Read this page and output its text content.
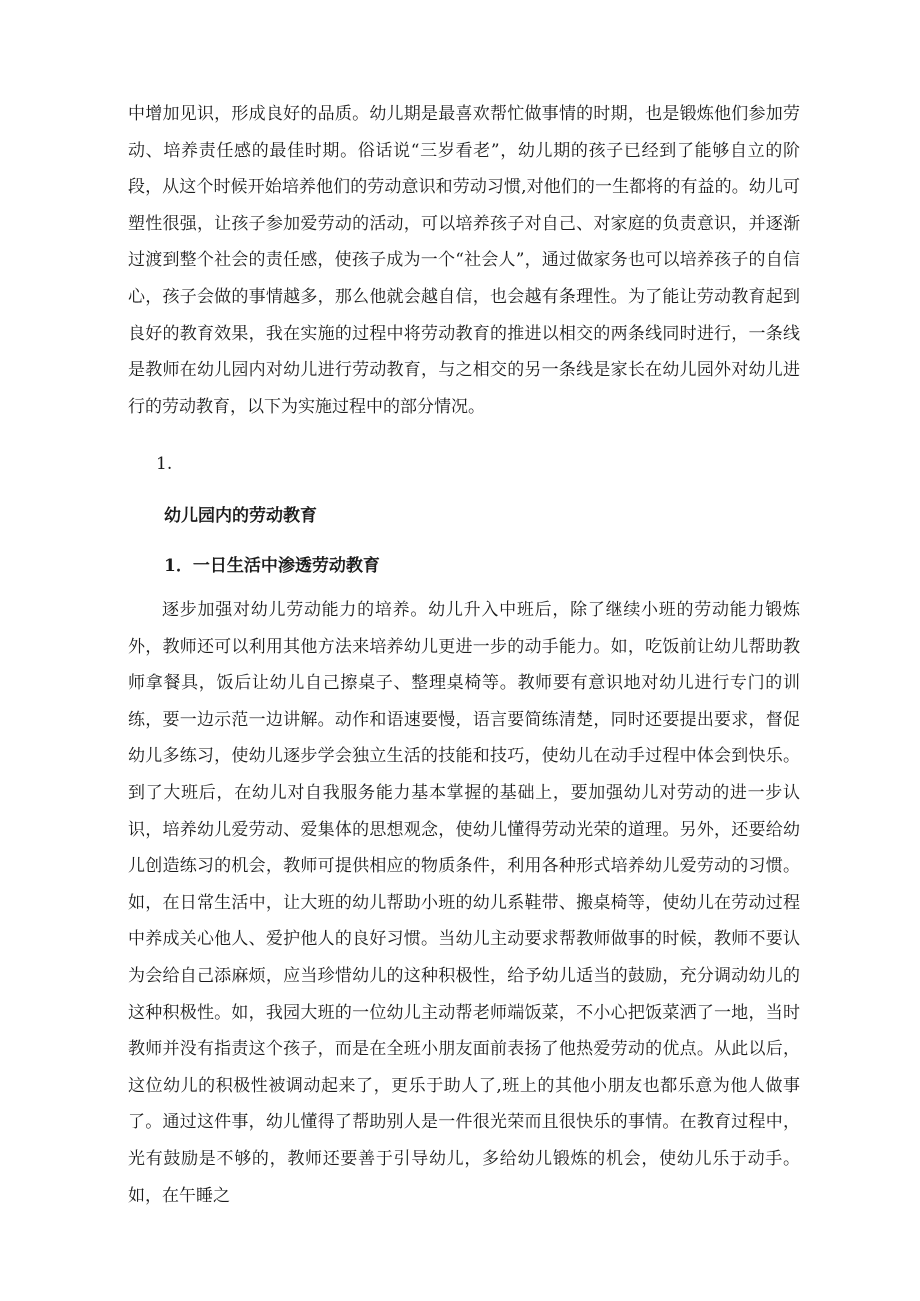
中增加见识，形成良好的品质。幼儿期是最喜欢帮忙做事情的时期，也是锻炼他们参加劳动、培养责任感的最佳时期。俗话说“三岁看老”，幼儿期的孩子已经到了能够自立的阶段，从这个时候开始培养他们的劳动意识和劳动习惯,对他们的一生都将的有益的。幼儿可塑性很强，让孩子参加爱劳动的活动，可以培养孩子对自己、对家庭的负责意识，并逐渐过渡到整个社会的责任感，使孩子成为一个“社会人”，通过做家务也可以培养孩子的自信心，孩子会做的事情越多，那么他就会越自信，也会越有条理性。为了能让劳动教育起到良好的教育效果，我在实施的过程中将劳动教育的推进以相交的两条线同时进行，一条线是教师在幼儿园内对幼儿进行劳动教育，与之相交的另一条线是家长在幼儿园外对幼儿进行的劳动教育，以下为实施过程中的部分情况。

1.

幼儿园内的劳动教育
1．一日生活中渗透劳动教育

逐步加强对幼儿劳动能力的培养。幼儿升入中班后，除了继续小班的劳动能力锻炼外，教师还可以利用其他方法来培养幼儿更进一步的动手能力。如，吃饭前让幼儿帮助教师拿餐具，饭后让幼儿自己擦桌子、整理桌椅等。教师要有意识地对幼儿进行专门的训练，要一边示范一边讲解。动作和语速要慢，语言要简练清楚，同时还要提出要求，督促幼儿多练习，使幼儿逐步学会独立生活的技能和技巧，使幼儿在动手过程中体会到快乐。到了大班后，在幼儿对自我服务能力基本掌握的基础上，要加强幼儿对劳动的进一步认识，培养幼儿爱劳动、爱集体的思想观念，使幼儿懂得劳动光荣的道理。另外，还要给幼儿创造练习的机会，教师可提供相应的物质条件，利用各种形式培养幼儿爱劳动的习惯。如，在日常生活中，让大班的幼儿帮助小班的幼儿系鞋带、搬桌椅等，使幼儿在劳动过程中养成关心他人、爱护他人的良好习惯。当幼儿主动要求帮教师做事的时候，教师不要认为会给自己添麻烦，应当珍惜幼儿的这种积极性，给予幼儿适当的鼓励，充分调动幼儿的这种积极性。如，我园大班的一位幼儿主动帮老师端饭菜，不小心把饭菜洒了一地，当时教师并没有指责这个孩子，而是在全班小朋友面前表扬了他热爱劳动的优点。从此以后，这位幼儿的积极性被调动起来了，更乐于助人了,班上的其他小朋友也都乐意为他人做事了。通过这件事，幼儿懂得了帮助别人是一件很光荣而且很快乐的事情。在教育过程中，光有鼓励是不够的，教师还要善于引导幼儿，多给幼儿锻炼的机会，使幼儿乐于动手。如，在午睡之
